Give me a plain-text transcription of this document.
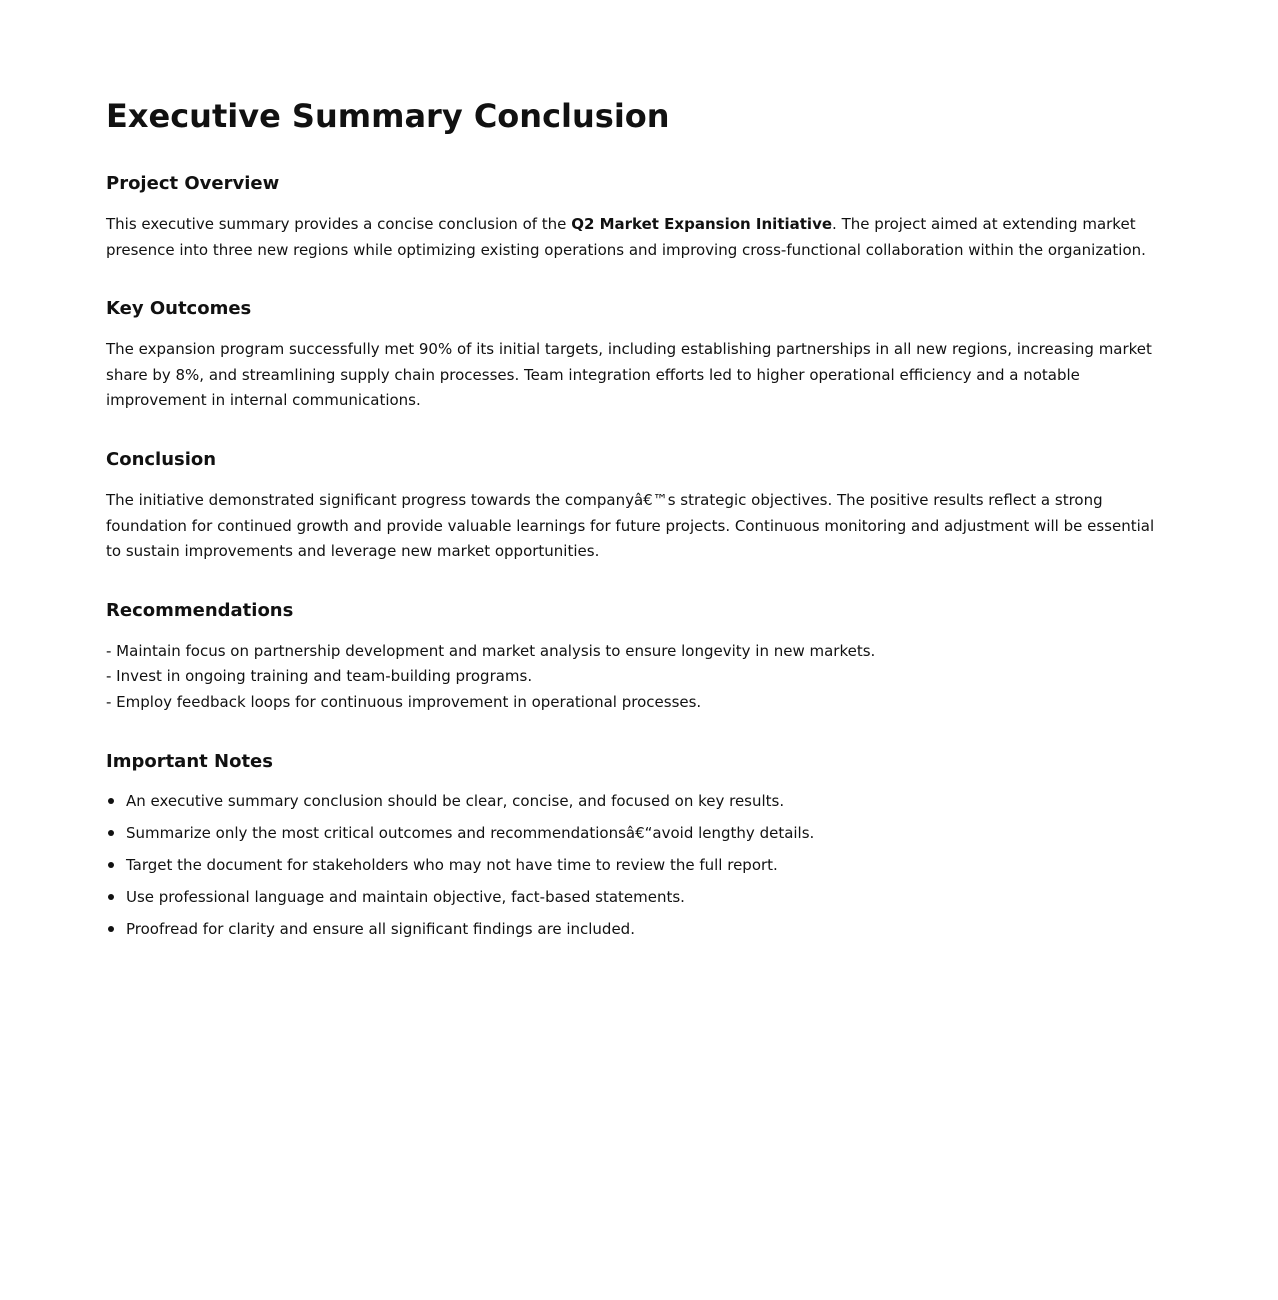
Executive Summary Conclusion
Project Overview

This executive summary provides a concise conclusion of the Q2 Market Expansion Initiative. The project aimed at extending market presence into three new regions while optimizing existing operations and improving cross-functional collaboration within the organization.

Key Outcomes

The expansion program successfully met 90% of its initial targets, including establishing partnerships in all new regions, increasing market share by 8%, and streamlining supply chain processes. Team integration efforts led to higher operational efficiency and a notable improvement in internal communications.

Conclusion

The initiative demonstrated significant progress towards the companyâ€™s strategic objectives. The positive results reflect a strong foundation for continued growth and provide valuable learnings for future projects. Continuous monitoring and adjustment will be essential to sustain improvements and leverage new market opportunities.

Recommendations
- Maintain focus on partnership development and market analysis to ensure longevity in new markets.
- Invest in ongoing training and team-building programs.
- Employ feedback loops for continuous improvement in operational processes.
Important Notes
An executive summary conclusion should be clear, concise, and focused on key results.
Summarize only the most critical outcomes and recommendationsâ€“avoid lengthy details.
Target the document for stakeholders who may not have time to review the full report.
Use professional language and maintain objective, fact-based statements.
Proofread for clarity and ensure all significant findings are included.
